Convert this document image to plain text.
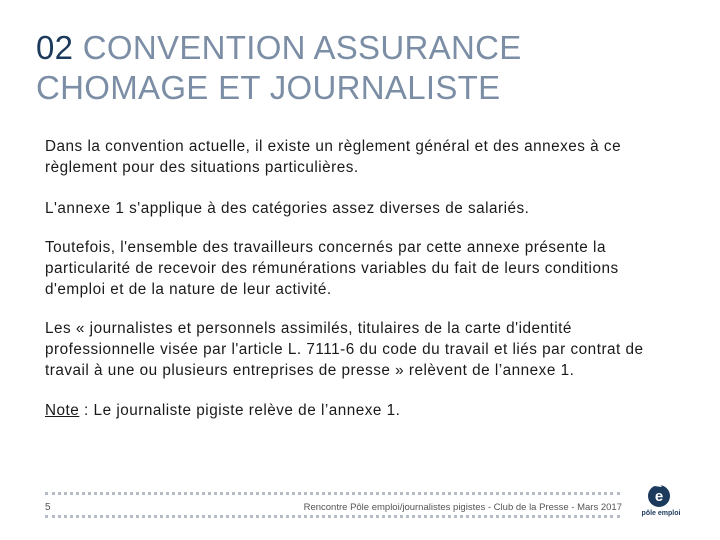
02 CONVENTION ASSURANCE
CHOMAGE ET JOURNALISTE

Dans la convention actuelle, il existe un règlement général et des annexes à ce règlement pour des situations particulières.

L'annexe 1 s'applique à des catégories assez diverses de salariés.

Toutefois, l'ensemble des travailleurs concernés par cette annexe présente la particularité de recevoir des rémunérations variables du fait de leurs conditions d'emploi et de la nature de leur activité.

Les « journalistes et personnels assimilés, titulaires de la carte d'identité professionnelle visée par l'article L. 7111-6 du code du travail et liés par contrat de travail à une ou plusieurs entreprises de presse » relèvent de l’annexe 1.

Note : Le journaliste pigiste relève de l’annexe 1.

5	Rencontre Pôle emploi/journalistes pigistes - Club de la Presse - Mars 2017
e
pôle emploi
